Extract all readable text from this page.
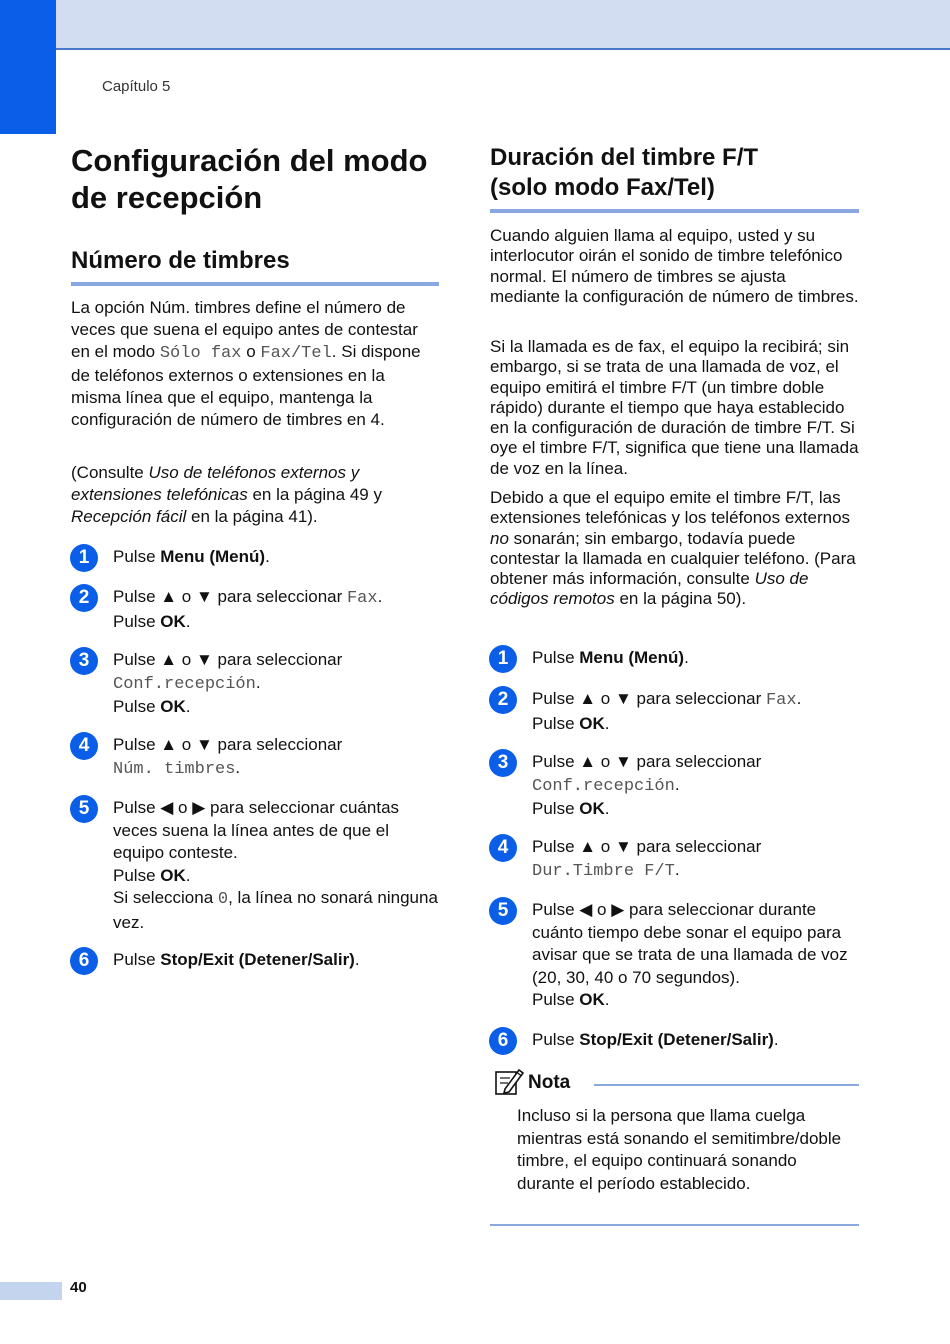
Capítulo 5
Configuración del modo de recepción
Número de timbres

La opción Núm. timbres define el número de veces que suena el equipo antes de contestar en el modo Sólo fax o Fax/Tel. Si dispone de teléfonos externos o extensiones en la misma línea que el equipo, mantenga la configuración de número de timbres en 4.

(Consulte Uso de teléfonos externos y extensiones telefónicas en la página 49 y Recepción fácil en la página 41).

1	Pulse Menu (Menú).
2	Pulse ▲ o ▼ para seleccionar Fax.
Pulse OK.
3	Pulse ▲ o ▼ para seleccionar
Conf.recepción.
Pulse OK.
4	Pulse ▲ o ▼ para seleccionar
Núm. timbres.
5	Pulse ◀ o ▶ para seleccionar cuántas veces suena la línea antes de que el equipo conteste.
Pulse OK.
Si selecciona 0, la línea no sonará ninguna vez.
6	Pulse Stop/Exit (Detener/Salir).
Duración del timbre F/T (solo modo Fax/Tel)

Cuando alguien llama al equipo, usted y su interlocutor oirán el sonido de timbre telefónico normal. El número de timbres se ajusta mediante la configuración de número de timbres.

Si la llamada es de fax, el equipo la recibirá; sin embargo, si se trata de una llamada de voz, el equipo emitirá el timbre F/T (un timbre doble rápido) durante el tiempo que haya establecido en la configuración de duración de timbre F/T. Si oye el timbre F/T, significa que tiene una llamada de voz en la línea.

Debido a que el equipo emite el timbre F/T, las extensiones telefónicas y los teléfonos externos no sonarán; sin embargo, todavía puede contestar la llamada en cualquier teléfono. (Para obtener más información, consulte Uso de códigos remotos en la página 50).

1	Pulse Menu (Menú).
2	Pulse ▲ o ▼ para seleccionar Fax.
Pulse OK.
3	Pulse ▲ o ▼ para seleccionar
Conf.recepción.
Pulse OK.
4	Pulse ▲ o ▼ para seleccionar
Dur.Timbre F/T.
5	Pulse ◀ o ▶ para seleccionar durante cuánto tiempo debe sonar el equipo para avisar que se trata de una llamada de voz (20, 30, 40 o 70 segundos).
Pulse OK.
6	Pulse Stop/Exit (Detener/Salir).
Nota
Incluso si la persona que llama cuelga mientras está sonando el semitimbre/doble timbre, el equipo continuará sonando durante el período establecido.
40
